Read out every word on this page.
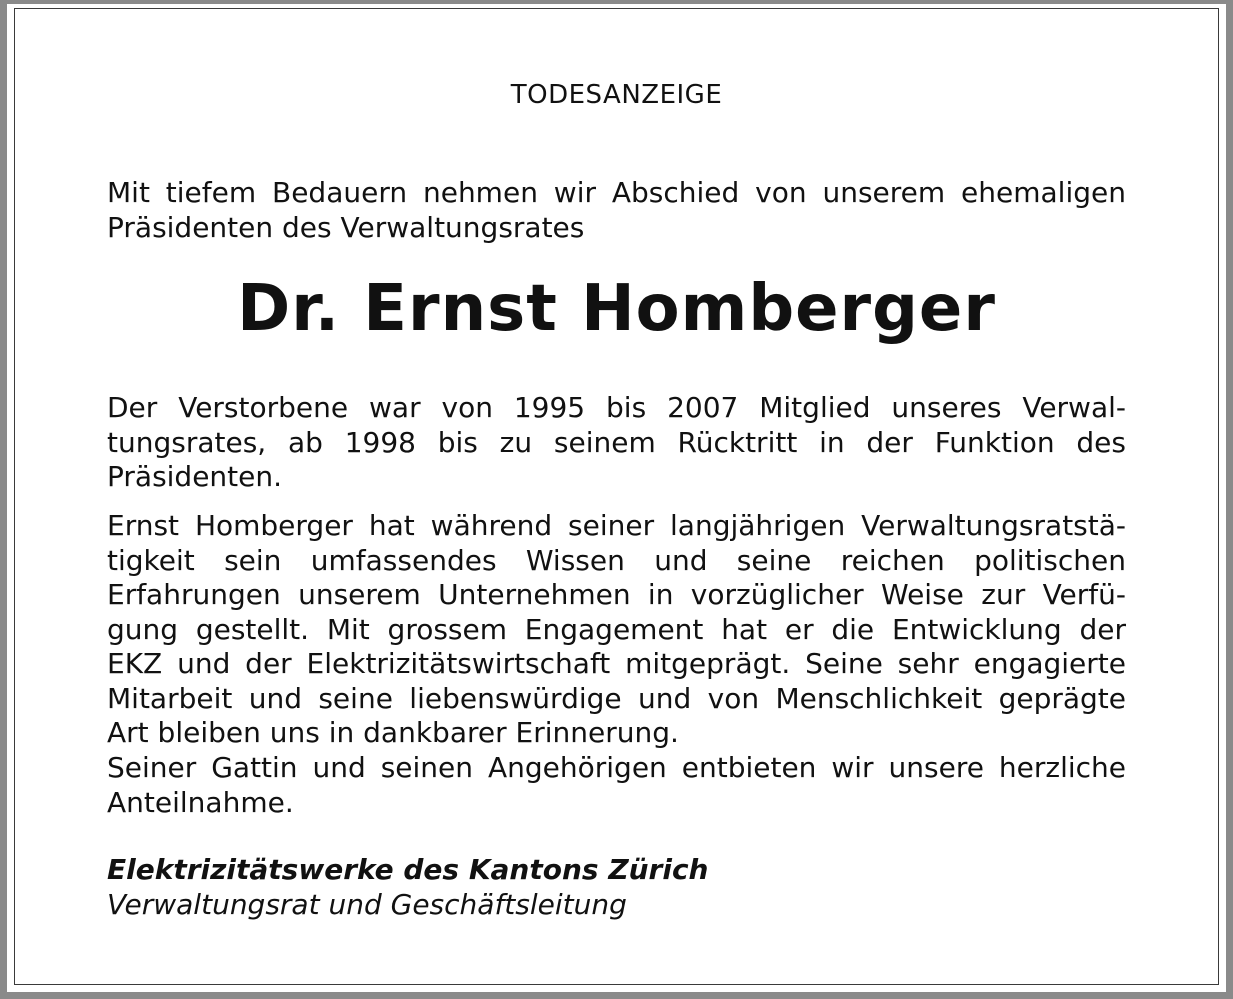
TODESANZEIGE
Mit tiefem Bedauern nehmen wir Abschied von unserem ehemaligen
Präsidenten des Verwaltungsrates
Dr. Ernst Homberger
Der Verstorbene war von 1995 bis 2007 Mitglied unseres Verwal-
tungsrates, ab 1998 bis zu seinem Rücktritt in der Funktion des
Präsidenten.
Ernst Homberger hat während seiner langjährigen Verwaltungsratstä-
tigkeit sein umfassendes Wissen und seine reichen politischen
Erfahrungen unserem Unternehmen in vorzüglicher Weise zur Verfü-
gung gestellt. Mit grossem Engagement hat er die Entwicklung der
EKZ und der Elektrizitätswirtschaft mitgeprägt. Seine sehr engagierte
Mitarbeit und seine liebenswürdige und von Menschlichkeit geprägte
Art bleiben uns in dankbarer Erinnerung.
Seiner Gattin und seinen Angehörigen entbieten wir unsere herzliche
Anteilnahme.
Elektrizitätswerke des Kantons Zürich
Verwaltungsrat und Geschäftsleitung
